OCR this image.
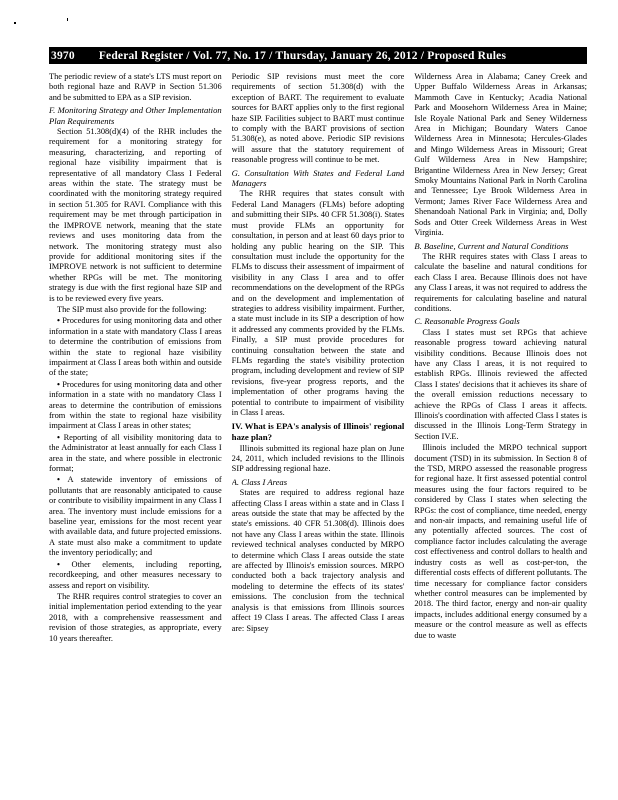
3970 Federal Register / Vol. 77, No. 17 / Thursday, January 26, 2012 / Proposed Rules

The periodic review of a state's LTS must report on both regional haze and RAVP in Section 51.306 and be submitted to EPA as a SIP revision.

F. Monitoring Strategy and Other Implementation Plan Requirements

Section 51.308(d)(4) of the RHR includes the requirement for a monitoring strategy for measuring, characterizing, and reporting of regional haze visibility impairment that is representative of all mandatory Class I Federal areas within the state. The strategy must be coordinated with the monitoring strategy required in section 51.305 for RAVI. Compliance with this requirement may be met through participation in the IMPROVE network, meaning that the state reviews and uses monitoring data from the network. The monitoring strategy must also provide for additional monitoring sites if the IMPROVE network is not sufficient to determine whether RPGs will be met. The monitoring strategy is due with the first regional haze SIP and is to be reviewed every five years.

The SIP must also provide for the following:

• Procedures for using monitoring data and other information in a state with mandatory Class I areas to determine the contribution of emissions from within the state to regional haze visibility impairment at Class I areas both within and outside of the state;
• Procedures for using monitoring data and other information in a state with no mandatory Class I areas to determine the contribution of emissions from within the state to regional haze visibility impairment at Class I areas in other states;
• Reporting of all visibility monitoring data to the Administrator at least annually for each Class I area in the state, and where possible in electronic format;
• A statewide inventory of emissions of pollutants that are reasonably anticipated to cause or contribute to visibility impairment in any Class I area. The inventory must include emissions for a baseline year, emissions for the most recent year with available data, and future projected emissions. A state must also make a commitment to update the inventory periodically; and
• Other elements, including reporting, recordkeeping, and other measures necessary to assess and report on visibility.

The RHR requires control strategies to cover an initial implementation period extending to the year 2018, with a comprehensive reassessment and revision of those strategies, as appropriate, every 10 years thereafter.

Periodic SIP revisions must meet the core requirements of section 51.308(d) with the exception of BART. The requirement to evaluate sources for BART applies only to the first regional haze SIP. Facilities subject to BART must continue to comply with the BART provisions of section 51.308(e), as noted above. Periodic SIP revisions will assure that the statutory requirement of reasonable progress will continue to be met.

G. Consultation With States and Federal Land Managers

The RHR requires that states consult with Federal Land Managers (FLMs) before adopting and submitting their SIPs. 40 CFR 51.308(i). States must provide FLMs an opportunity for consultation, in person and at least 60 days prior to holding any public hearing on the SIP. This consultation must include the opportunity for the FLMs to discuss their assessment of impairment of visibility in any Class I area and to offer recommendations on the development of the RPGs and on the development and implementation of strategies to address visibility impairment. Further, a state must include in its SIP a description of how it addressed any comments provided by the FLMs. Finally, a SIP must provide procedures for continuing consultation between the state and FLMs regarding the state's visibility protection program, including development and review of SIP revisions, five-year progress reports, and the implementation of other programs having the potential to contribute to impairment of visibility in Class I areas.

IV. What is EPA's analysis of Illinois' regional haze plan?

Illinois submitted its regional haze plan on June 24, 2011, which included revisions to the Illinois SIP addressing regional haze.

A. Class I Areas

States are required to address regional haze affecting Class I areas within a state and in Class I areas outside the state that may be affected by the state's emissions. 40 CFR 51.308(d). Illinois does not have any Class I areas within the state. Illinois reviewed technical analyses conducted by MRPO to determine which Class I areas outside the state are affected by Illinois's emission sources. MRPO conducted both a back trajectory analysis and modeling to determine the effects of its states' emissions. The conclusion from the technical analysis is that emissions from Illinois sources affect 19 Class I areas. The affected Class I areas are: Sipsey

Wilderness Area in Alabama; Caney Creek and Upper Buffalo Wilderness Areas in Arkansas; Mammoth Cave in Kentucky; Acadia National Park and Moosehorn Wilderness Area in Maine; Isle Royale National Park and Seney Wilderness Area in Michigan; Boundary Waters Canoe Wilderness Area in Minnesota; Hercules-Glades and Mingo Wilderness Areas in Missouri; Great Gulf Wilderness Area in New Hampshire; Brigantine Wilderness Area in New Jersey; Great Smoky Mountains National Park in North Carolina and Tennessee; Lye Brook Wilderness Area in Vermont; James River Face Wilderness Area and Shenandoah National Park in Virginia; and, Dolly Sods and Otter Creek Wilderness Areas in West Virginia.

B. Baseline, Current and Natural Conditions

The RHR requires states with Class I areas to calculate the baseline and natural conditions for each Class I area. Because Illinois does not have any Class I areas, it was not required to address the requirements for calculating baseline and natural conditions.

C. Reasonable Progress Goals

Class I states must set RPGs that achieve reasonable progress toward achieving natural visibility conditions. Because Illinois does not have any Class I areas, it is not required to establish RPGs. Illinois reviewed the affected Class I states' decisions that it achieves its share of the overall emission reductions necessary to achieve the RPGs of Class I areas it affects. Illinois's coordination with affected Class I states is discussed in the Illinois Long-Term Strategy in Section IV.E.

Illinois included the MRPO technical support document (TSD) in its submission. In Section 8 of the TSD, MRPO assessed the reasonable progress for regional haze. It first assessed potential control measures using the four factors required to be considered by Class I states when selecting the RPGs: the cost of compliance, time needed, energy and non-air impacts, and remaining useful life of any potentially affected sources. The cost of compliance factor includes calculating the average cost effectiveness and control dollars to health and industry costs as well as cost-per-ton, the differential costs effects of different pollutants. The time necessary for compliance factor considers whether control measures can be implemented by 2018. The third factor, energy and non-air quality impacts, includes additional energy consumed by a measure or the control measure as well as effects due to waste
